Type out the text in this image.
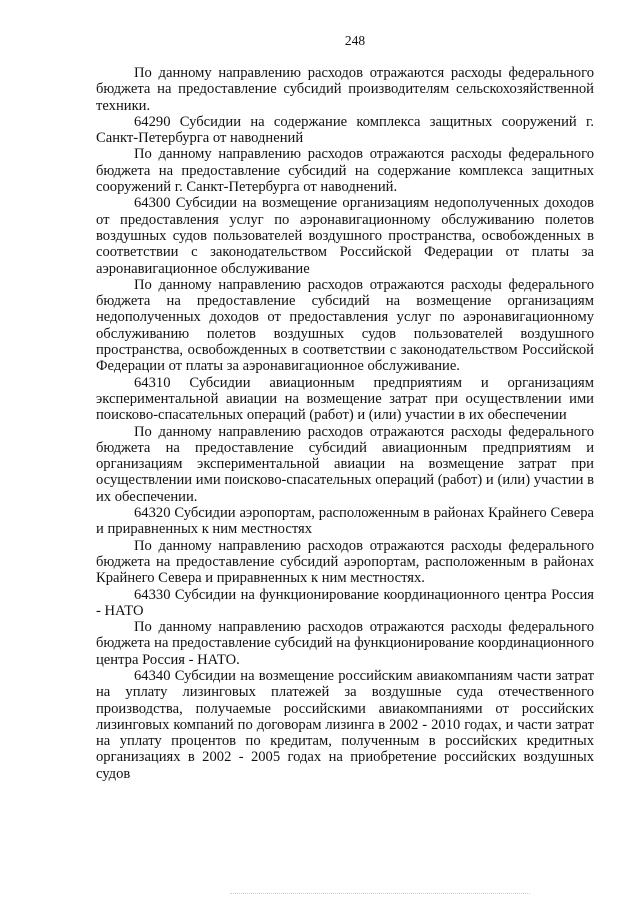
248

По данному направлению расходов отражаются расходы федерального бюджета на предоставление субсидий производителям сельскохозяйственной техники.

64290 Субсидии на содержание комплекса защитных сооружений г. Санкт-Петербурга от наводнений

По данному направлению расходов отражаются расходы федерального бюджета на предоставление субсидий на содержание комплекса защитных сооружений г. Санкт-Петербурга от наводнений.

64300 Субсидии на возмещение организациям недополученных доходов от предоставления услуг по аэронавигационному обслуживанию полетов воздушных судов пользователей воздушного пространства, освобожденных в соответствии с законодательством Российской Федерации от платы за аэронавигационное обслуживание

По данному направлению расходов отражаются расходы федерального бюджета на предоставление субсидий на возмещение организациям недополученных доходов от предоставления услуг по аэронавигационному обслуживанию полетов воздушных судов пользователей воздушного пространства, освобожденных в соответствии с законодательством Российской Федерации от платы за аэронавигационное обслуживание.

64310 Субсидии авиационным предприятиям и организациям экспериментальной авиации на возмещение затрат при осуществлении ими поисково-спасательных операций (работ) и (или) участии в их обеспечении

По данному направлению расходов отражаются расходы федерального бюджета на предоставление субсидий авиационным предприятиям и организациям экспериментальной авиации на возмещение затрат при осуществлении ими поисково-спасательных операций (работ) и (или) участии в их обеспечении.

64320 Субсидии аэропортам, расположенным в районах Крайнего Севера и приравненных к ним местностях

По данному направлению расходов отражаются расходы федерального бюджета на предоставление субсидий аэропортам, расположенным в районах Крайнего Севера и приравненных к ним местностях.

64330 Субсидии на функционирование координационного центра Россия - НАТО

По данному направлению расходов отражаются расходы федерального бюджета на предоставление субсидий на функционирование координационного центра Россия - НАТО.

64340 Субсидии на возмещение российским авиакомпаниям части затрат на уплату лизинговых платежей за воздушные суда отечественного производства, получаемые российскими авиакомпаниями от российских лизинговых компаний по договорам лизинга в 2002 - 2010 годах, и части затрат на уплату процентов по кредитам, полученным в российских кредитных организациях в 2002 - 2005 годах на приобретение российских воздушных судов
